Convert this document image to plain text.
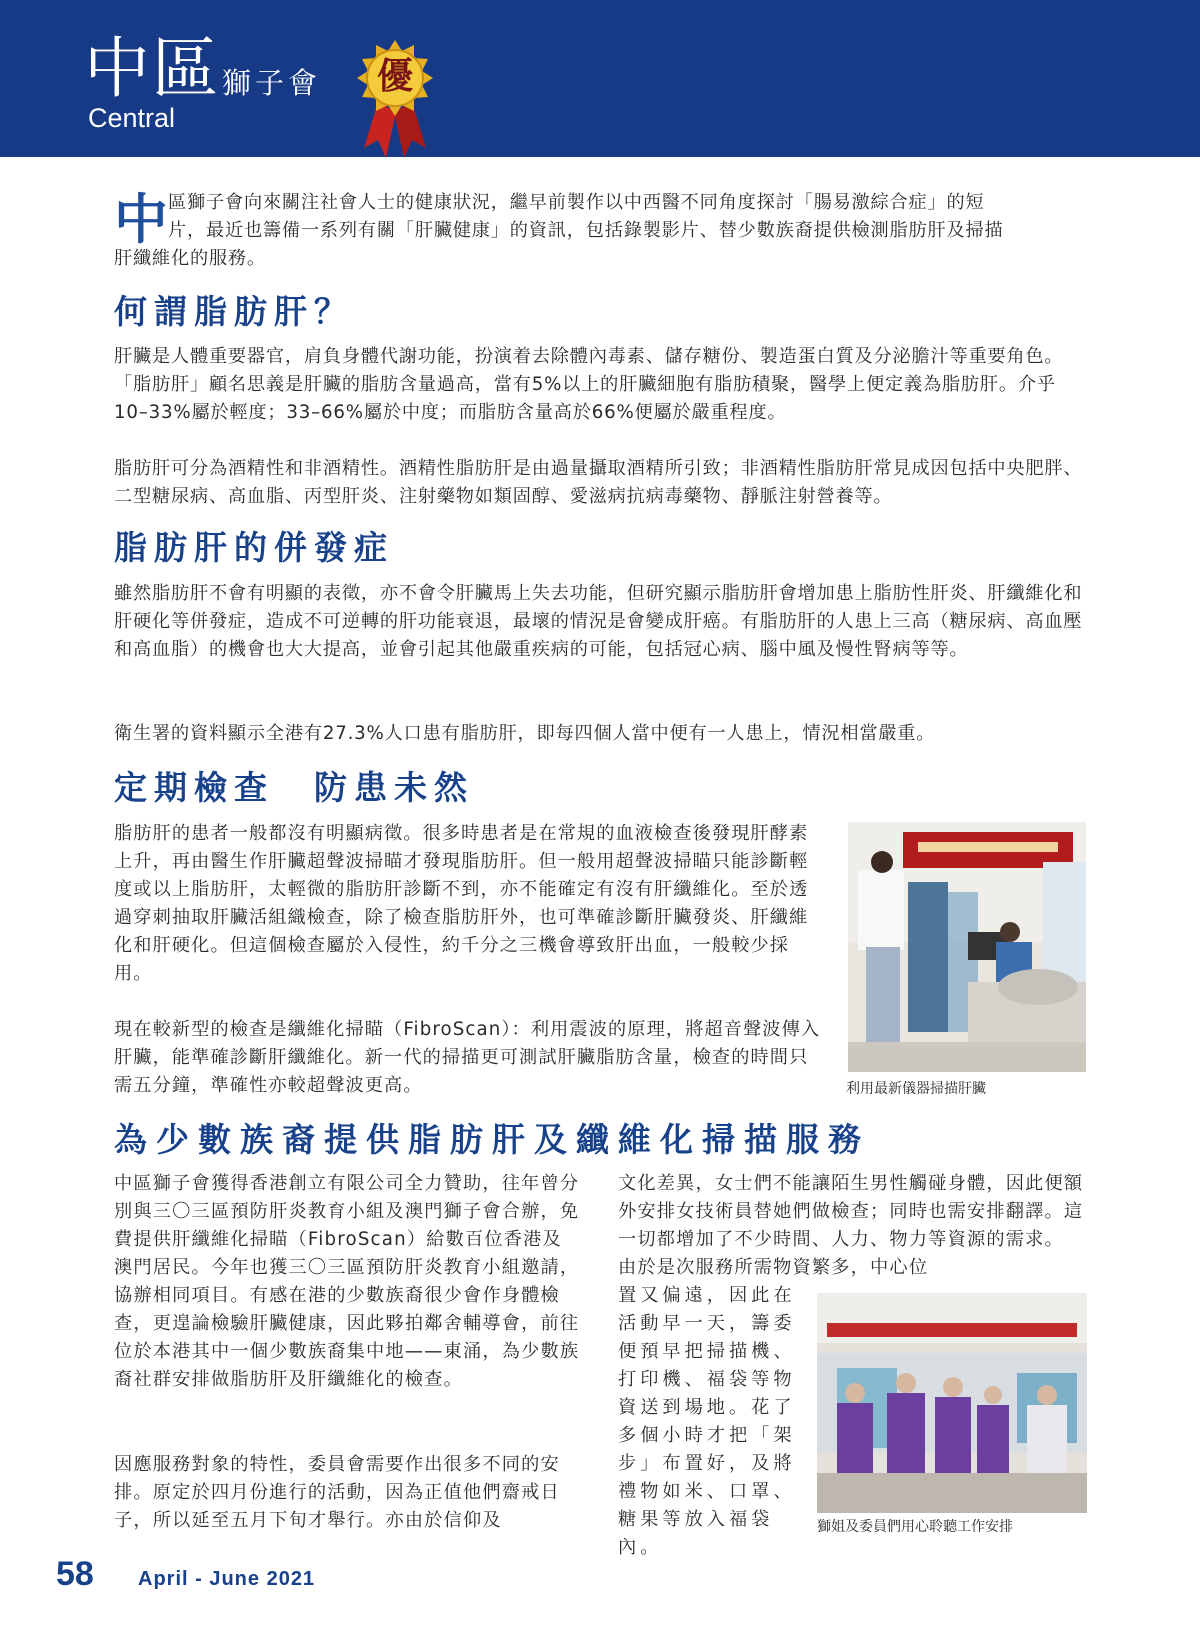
中區 獅子會
Central
優
中 區獅子會向來關注社會人士的健康狀況，繼早前製作以中西醫不同角度探討「腸易激綜合症」的短

片，最近也籌備一系列有關「肝臟健康」的資訊，包括錄製影片、替少數族裔提供檢測脂肪肝及掃描

肝纖維化的服務。

何謂脂肪肝？

肝臟是人體重要器官，肩負身體代謝功能，扮演着去除體內毒素、儲存糖份、製造蛋白質及分泌膽汁等重要角色。「脂肪肝」顧名思義是肝臟的脂肪含量過高，當有5%以上的肝臟細胞有脂肪積聚，醫學上便定義為脂肪肝。介乎10–33%屬於輕度；33–66%屬於中度；而脂肪含量高於66%便屬於嚴重程度。

脂肪肝可分為酒精性和非酒精性。酒精性脂肪肝是由過量攝取酒精所引致；非酒精性脂肪肝常見成因包括中央肥胖、二型糖尿病、高血脂、丙型肝炎、注射藥物如類固醇、愛滋病抗病毒藥物、靜脈注射營養等。

脂肪肝的併發症

雖然脂肪肝不會有明顯的表徵，亦不會令肝臟馬上失去功能，但研究顯示脂肪肝會增加患上脂肪性肝炎、肝纖維化和肝硬化等併發症，造成不可逆轉的肝功能衰退，最壞的情況是會變成肝癌。有脂肪肝的人患上三高（糖尿病、高血壓和高血脂）的機會也大大提高，並會引起其他嚴重疾病的可能，包括冠心病、腦中風及慢性腎病等等。

衛生署的資料顯示全港有27.3%人口患有脂肪肝，即每四個人當中便有一人患上，情況相當嚴重。

定期檢查　防患未然

脂肪肝的患者一般都沒有明顯病徵。很多時患者是在常規的血液檢查後發現肝酵素上升，再由醫生作肝臟超聲波掃瞄才發現脂肪肝。但一般用超聲波掃瞄只能診斷輕度或以上脂肪肝，太輕微的脂肪肝診斷不到，亦不能確定有沒有肝纖維化。至於透過穿刺抽取肝臟活組織檢查，除了檢查脂肪肝外，也可準確診斷肝臟發炎、肝纖維化和肝硬化。但這個檢查屬於入侵性，約千分之三機會導致肝出血，一般較少採用。

現在較新型的檢查是纖維化掃瞄（FibroScan）：利用震波的原理，將超音聲波傳入肝臟，能準確診斷肝纖維化。新一代的掃描更可測試肝臟脂肪含量，檢查的時間只需五分鐘，準確性亦較超聲波更高。	利用最新儀器掃描肝臟

為少數族裔提供脂肪肝及纖維化掃描服務

中區獅子會獲得香港創立有限公司全力贊助，往年曾分別與三〇三區預防肝炎教育小組及澳門獅子會合辦，免費提供肝纖維化掃瞄（FibroScan）給數百位香港及澳門居民。今年也獲三〇三區預防肝炎教育小組邀請，協辦相同項目。有感在港的少數族裔很少會作身體檢查，更遑論檢驗肝臟健康，因此夥拍鄰舍輔導會，前往位於本港其中一個少數族裔集中地——東涌，為少數族裔社群安排做脂肪肝及肝纖維化的檢查。

因應服務對象的特性，委員會需要作出很多不同的安排。原定於四月份進行的活動，因為正值他們齋戒日子，所以延至五月下旬才舉行。亦由於信仰及

文化差異，女士們不能讓陌生男性觸碰身體，因此便額外安排女技術員替她們做檢查；同時也需安排翻譯。這一切都增加了不少時間、人力、物力等資源的需求。　由於是次服務所需物資繁多，中心位

置又偏遠，因此在活動早一天，籌委便預早把掃描機、打印機、福袋等物資送到場地。花了多個小時才把「架步」布置好，及將禮物如米、口罩、糖果等放入福袋內。

獅姐及委員們用心聆聽工作安排

58 April - June 2021
